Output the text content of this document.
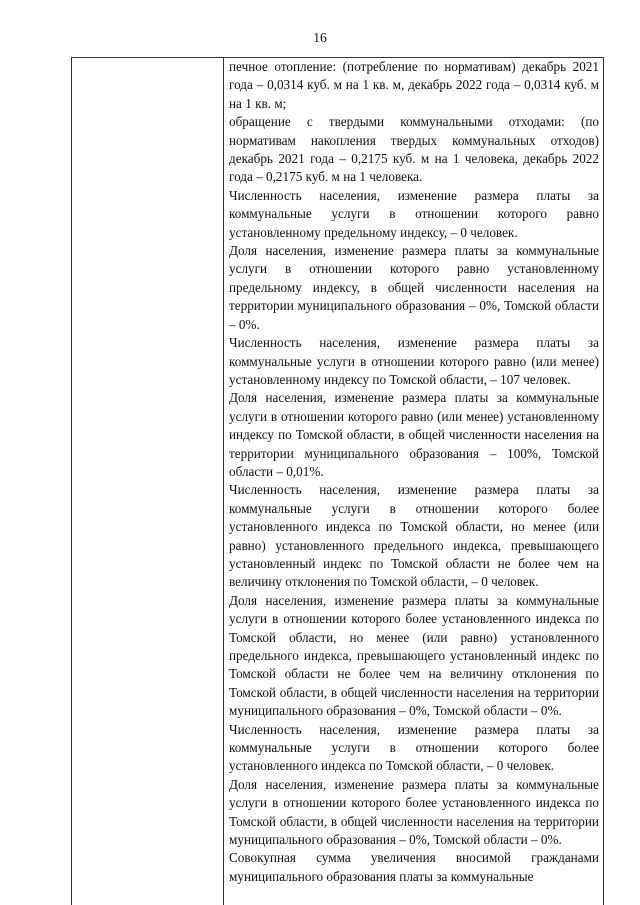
16

печное отопление: (потребление по нормативам) декабрь 2021 года – 0,0314 куб. м на 1 кв. м, декабрь 2022 года – 0,0314 куб. м на 1 кв. м;

обращение с твердыми коммунальными отходами: (по нормативам накопления твердых коммунальных отходов) декабрь 2021 года – 0,2175 куб. м на 1 человека, декабрь 2022 года – 0,2175 куб. м на 1 человека.

Численность населения, изменение размера платы за коммунальные услуги в отношении которого равно установленному предельному индексу, – 0 человек.

Доля населения, изменение размера платы за коммунальные услуги в отношении которого равно установленному предельному индексу, в общей численности населения на территории муниципального образования – 0%, Томской области – 0%.

Численность населения, изменение размера платы за коммунальные услуги в отношении которого равно (или менее) установленному индексу по Томской области, – 107 человек.

Доля населения, изменение размера платы за коммунальные услуги в отношении которого равно (или менее) установленному индексу по Томской области, в общей численности населения на территории муниципального образования – 100%, Томской области – 0,01%.

Численность населения, изменение размера платы за коммунальные услуги в отношении которого более установленного индекса по Томской области, но менее (или равно) установленного предельного индекса, превышающего установленный индекс по Томской области не более чем на величину отклонения по Томской области, – 0 человек.

Доля населения, изменение размера платы за коммунальные услуги в отношении которого более установленного индекса по Томской области, но менее (или равно) установленного предельного индекса, превышающего установленный индекс по Томской области не более чем на величину отклонения по Томской области, в общей численности населения на территории муниципального образования – 0%, Томской области – 0%.

Численность населения, изменение размера платы за коммунальные услуги в отношении которого более установленного индекса по Томской области, – 0 человек.

Доля населения, изменение размера платы за коммунальные услуги в отношении которого более установленного индекса по Томской области, в общей численности населения на территории муниципального образования – 0%, Томской области – 0%.

Совокупная сумма увеличения вносимой гражданами муниципального образования платы за коммунальные
